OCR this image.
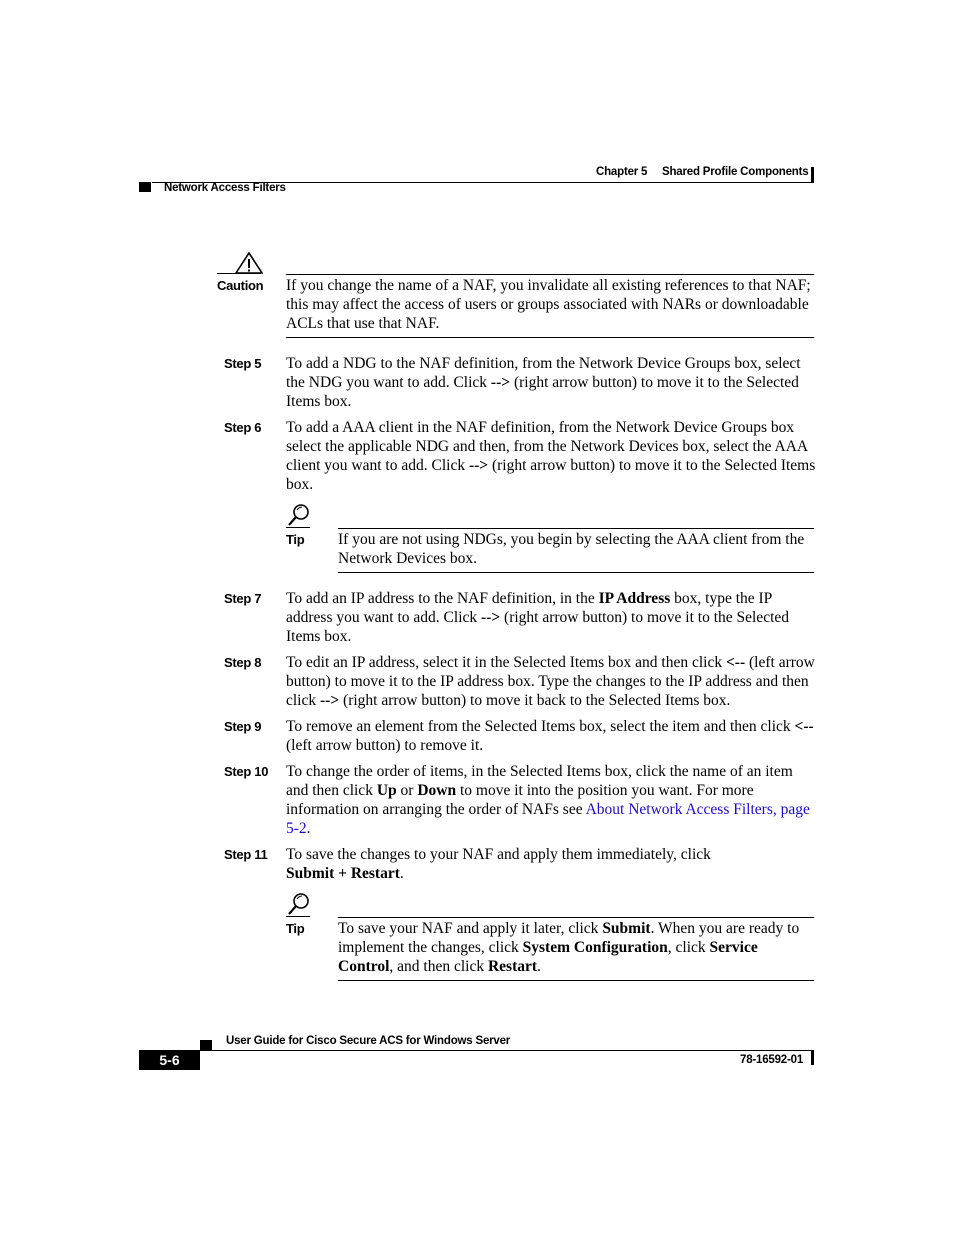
Chapter 5 Shared Profile Components
Network Access Filters
Caution If you change the name of a NAF, you invalidate all existing references to that NAF; this may affect the access of users or groups associated with NARs or downloadable ACLs that use that NAF.
Step 5	To add a NDG to the NAF definition, from the Network Device Groups box, select the NDG you want to add. Click --> (right arrow button) to move it to the Selected Items box.
Step 6	To add a AAA client in the NAF definition, from the Network Device Groups box select the applicable NDG and then, from the Network Devices box, select the AAA client you want to add. Click --> (right arrow button) to move it to the Selected Items box.
Tip If you are not using NDGs, you begin by selecting the AAA client from the Network Devices box.
Step 7	To add an IP address to the NAF definition, in the IP Address box, type the IP address you want to add. Click --> (right arrow button) to move it to the Selected Items box.
Step 8	To edit an IP address, select it in the Selected Items box and then click <-- (left arrow button) to move it to the IP address box. Type the changes to the IP address and then click --> (right arrow button) to move it back to the Selected Items box.
Step 9	To remove an element from the Selected Items box, select the item and then click <-- (left arrow button) to remove it.
Step 10	To change the order of items, in the Selected Items box, click the name of an item and then click Up or Down to move it into the position you want. For more information on arranging the order of NAFs see About Network Access Filters, page 5-2.
Step 11	To save the changes to your NAF and apply them immediately, click
Submit + Restart.
Tip To save your NAF and apply it later, click Submit. When you are ready to implement the changes, click System Configuration, click Service Control, and then click Restart.
User Guide for Cisco Secure ACS for Windows Server
5-6	78-16592-01
